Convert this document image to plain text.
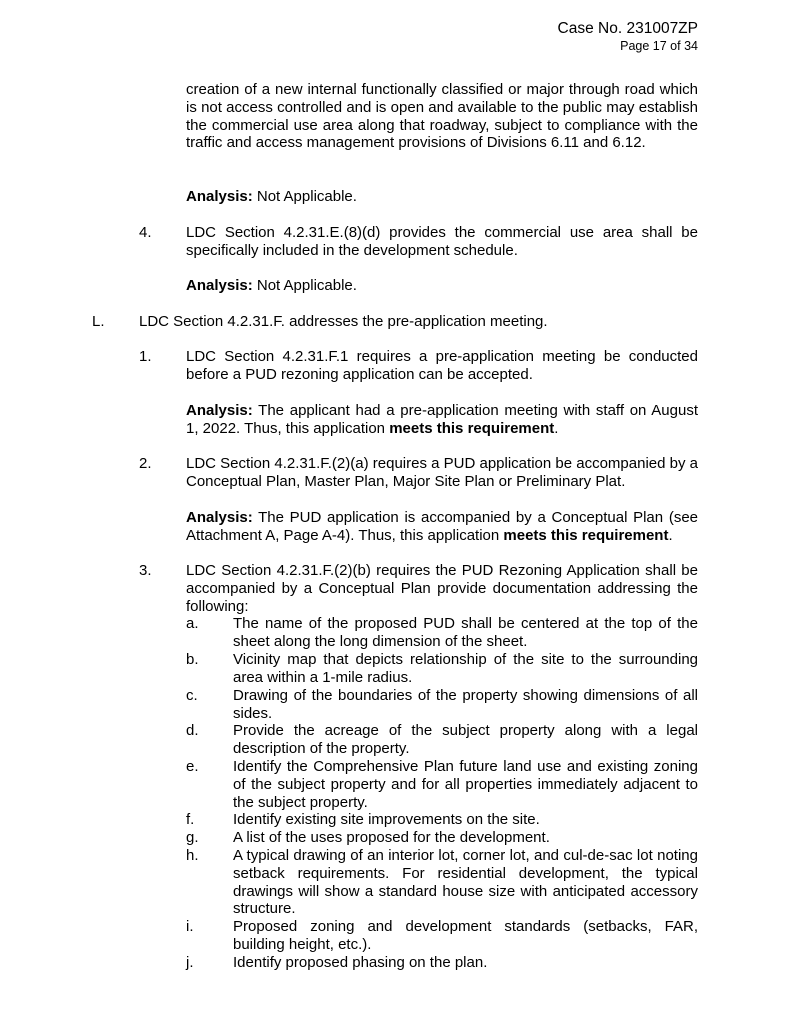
Case No. 231007ZP
Page 17 of 34
creation of a new internal functionally classified or major through road which is not access controlled and is open and available to the public may establish the commercial use area along that roadway, subject to compliance with the traffic and access management provisions of Divisions 6.11 and 6.12.
Analysis: Not Applicable.
4. LDC Section 4.2.31.E.(8)(d) provides the commercial use area shall be specifically included in the development schedule.
Analysis: Not Applicable.
L. LDC Section 4.2.31.F. addresses the pre-application meeting.
1. LDC Section 4.2.31.F.1 requires a pre-application meeting be conducted before a PUD rezoning application can be accepted.
Analysis: The applicant had a pre-application meeting with staff on August 1, 2022. Thus, this application meets this requirement.
2. LDC Section 4.2.31.F.(2)(a) requires a PUD application be accompanied by a Conceptual Plan, Master Plan, Major Site Plan or Preliminary Plat.
Analysis: The PUD application is accompanied by a Conceptual Plan (see Attachment A, Page A-4). Thus, this application meets this requirement.
3. LDC Section 4.2.31.F.(2)(b) requires the PUD Rezoning Application shall be accompanied by a Conceptual Plan provide documentation addressing the following:
a. The name of the proposed PUD shall be centered at the top of the sheet along the long dimension of the sheet.
b. Vicinity map that depicts relationship of the site to the surrounding area within a 1-mile radius.
c. Drawing of the boundaries of the property showing dimensions of all sides.
d. Provide the acreage of the subject property along with a legal description of the property.
e. Identify the Comprehensive Plan future land use and existing zoning of the subject property and for all properties immediately adjacent to the subject property.
f.	Identify existing site improvements on the site.
g. A list of the uses proposed for the development.
h. A typical drawing of an interior lot, corner lot, and cul-de-sac lot noting setback requirements. For residential development, the typical drawings will show a standard house size with anticipated accessory structure.
i.	Proposed zoning and development standards (setbacks, FAR, building height, etc.).
j.	Identify proposed phasing on the plan.
